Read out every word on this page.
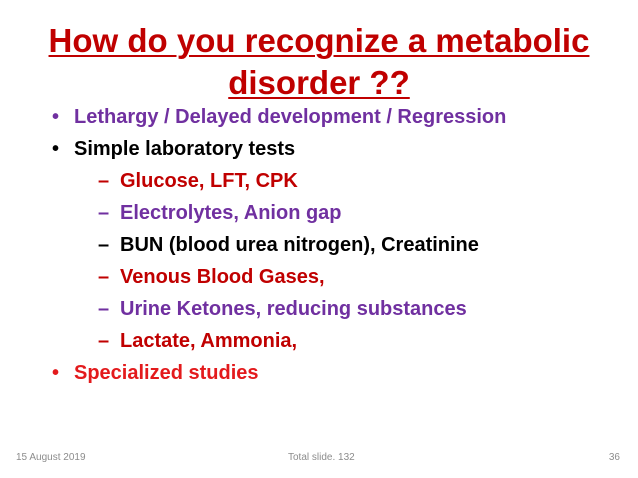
How do you recognize a metabolic disorder ??
• Lethargy / Delayed development / Regression
• Simple laboratory tests
– Glucose, LFT, CPK
– Electrolytes, Anion gap
– BUN (blood urea nitrogen), Creatinine
– Venous Blood Gases,
– Urine Ketones, reducing substances
– Lactate, Ammonia,
• Specialized studies
15 August 2019	Total slide. 132	36
